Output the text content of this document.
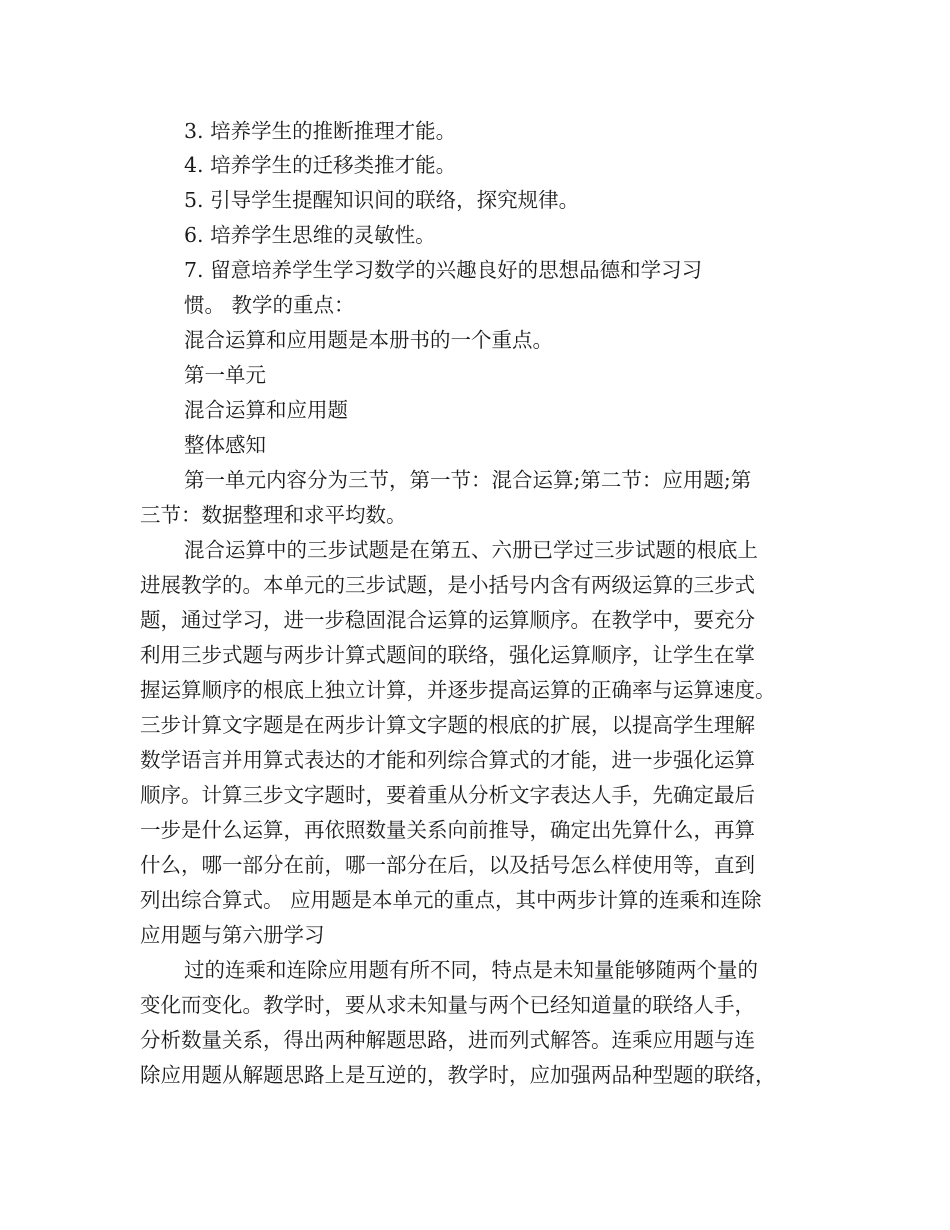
3. 培养学生的推断推理才能。

4. 培养学生的迁移类推才能。

5. 引导学生提醒知识间的联络，探究规律。

6. 培养学生思维的灵敏性。

7. 留意培养学生学习数学的兴趣良好的思想品德和学习习

惯。 教学的重点：

混合运算和应用题是本册书的一个重点。

第一单元

混合运算和应用题

整体感知

第一单元内容分为三节，第一节：混合运算;第二节：应用题;第

三节：数据整理和求平均数。

混合运算中的三步试题是在第五、六册已学过三步试题的根底上

进展教学的。本单元的三步试题，是小括号内含有两级运算的三步式

题，通过学习，进一步稳固混合运算的运算顺序。在教学中，要充分

利用三步式题与两步计算式题间的联络，强化运算顺序，让学生在掌

握运算顺序的根底上独立计算，并逐步提高运算的正确率与运算速度。

三步计算文字题是在两步计算文字题的根底的扩展，以提高学生理解

数学语言并用算式表达的才能和列综合算式的才能，进一步强化运算

顺序。计算三步文字题时，要着重从分析文字表达人手，先确定最后

一步是什么运算，再依照数量关系向前推导，确定出先算什么，再算

什么，哪一部分在前，哪一部分在后，以及括号怎么样使用等，直到

列出综合算式。 应用题是本单元的重点，其中两步计算的连乘和连除

应用题与第六册学习

过的连乘和连除应用题有所不同，特点是未知量能够随两个量的

变化而变化。教学时，要从求未知量与两个已经知道量的联络人手，

分析数量关系，得出两种解题思路，进而列式解答。连乘应用题与连

除应用题从解题思路上是互逆的，教学时，应加强两品种型题的联络，
